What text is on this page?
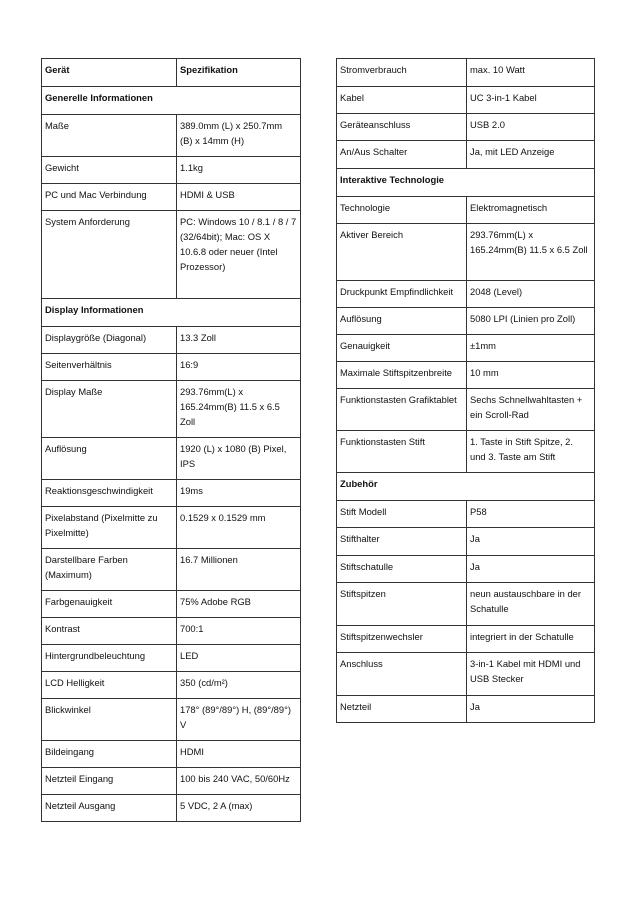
Gerät	Spezifikation
Generelle Informationen	
Maße	389.0mm (L) x 250.7mm (B) x 14mm (H)
Gewicht	1.1kg
PC und Mac Verbindung	HDMI & USB
System Anforderung	PC: Windows 10 / 8.1 / 8 / 7 (32/64bit); Mac: OS X 10.6.8 oder neuer (Intel Prozessor)
Display Informationen	
Displaygröße (Diagonal)	13.3 Zoll
Seitenverhältnis	16:9
Display Maße	293.76mm(L) x 165.24mm(B) 11.5 x 6.5 Zoll
Auflösung	1920 (L) x 1080 (B) Pixel, IPS
Reaktionsgeschwindigkeit	19ms
Pixelabstand (Pixelmitte zu Pixelmitte)	0.1529 x 0.1529 mm
Darstellbare Farben (Maximum)	16.7 Millionen
Farbgenauigkeit	75% Adobe RGB
Kontrast	700:1
Hintergrundbeleuchtung	LED
LCD Helligkeit	350 (cd/m²)
Blickwinkel	178° (89°/89°) H, (89°/89°) V
Bildeingang	HDMI
Netzteil Eingang	100 bis 240 VAC, 50/60Hz
Netzteil Ausgang	5 VDC, 2 A (max)
Stromverbrauch	max. 10 Watt
Kabel	UC 3-in-1 Kabel
Geräteanschluss	USB 2.0
An/Aus Schalter	Ja, mit LED Anzeige
Interaktive Technologie	
Technologie	Elektromagnetisch
Aktiver Bereich	293.76mm(L) x 165.24mm(B) 11.5 x 6.5 Zoll
Druckpunkt Empfindlichkeit	2048 (Level)
Auflösung	5080 LPI (Linien pro Zoll)
Genauigkeit	±1mm
Maximale Stiftspitzenbreite	10 mm
Funktionstasten Grafiktablet	Sechs Schnellwahltasten + ein Scroll-Rad
Funktionstasten Stift	1. Taste in Stift Spitze, 2. und 3. Taste am Stift
Zubehör	
Stift Modell	P58
Stifthalter	Ja
Stiftschatulle	Ja
Stiftspitzen	neun austauschbare in der Schatulle
Stiftspitzenwechsler	integriert in der Schatulle
Anschluss	3-in-1 Kabel mit HDMI und USB Stecker
Netzteil	Ja
